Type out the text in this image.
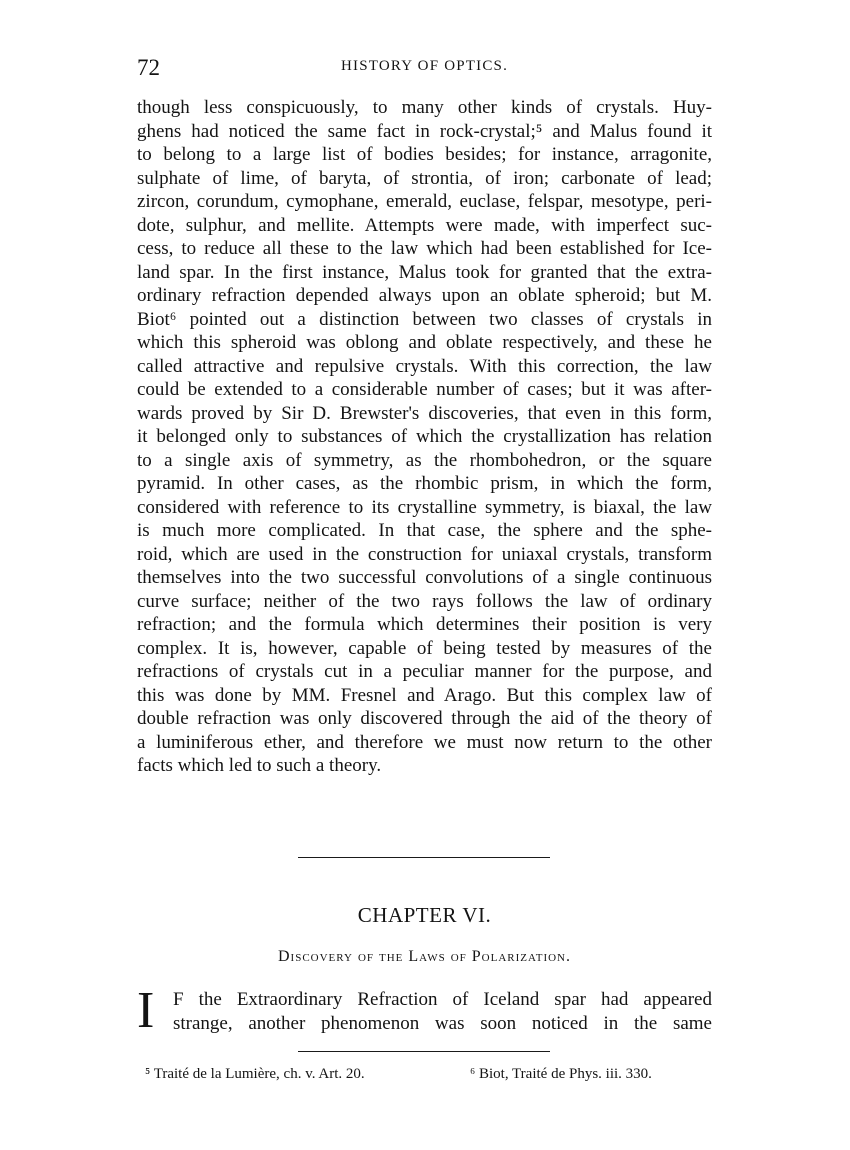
72	HISTORY OF OPTICS.
though less conspicuously, to many other kinds of crystals. Huy-
ghens had noticed the same fact in rock-crystal;⁵ and Malus found it
to belong to a large list of bodies besides; for instance, arragonite,
sulphate of lime, of baryta, of strontia, of iron; carbonate of lead;
zircon, corundum, cymophane, emerald, euclase, felspar, mesotype, peri-
dote, sulphur, and mellite. Attempts were made, with imperfect suc-
cess, to reduce all these to the law which had been established for Ice-
land spar. In the first instance, Malus took for granted that the extra-
ordinary refraction depended always upon an oblate spheroid; but M.
Biot⁶ pointed out a distinction between two classes of crystals in
which this spheroid was oblong and oblate respectively, and these he
called attractive and repulsive crystals. With this correction, the law
could be extended to a considerable number of cases; but it was after-
wards proved by Sir D. Brewster's discoveries, that even in this form,
it belonged only to substances of which the crystallization has relation
to a single axis of symmetry, as the rhombohedron, or the square
pyramid. In other cases, as the rhombic prism, in which the form,
considered with reference to its crystalline symmetry, is biaxal, the law
is much more complicated. In that case, the sphere and the sphe-
roid, which are used in the construction for uniaxal crystals, transform
themselves into the two successful convolutions of a single continuous
curve surface; neither of the two rays follows the law of ordinary
refraction; and the formula which determines their position is very
complex. It is, however, capable of being tested by measures of the
refractions of crystals cut in a peculiar manner for the purpose, and
this was done by MM. Fresnel and Arago. But this complex law of
double refraction was only discovered through the aid of the theory of
a luminiferous ether, and therefore we must now return to the other
facts which led to such a theory.
CHAPTER VI.
Discovery of the Laws of Polarization.
I F the Extraordinary Refraction of Iceland spar had appeared
strange, another phenomenon was soon noticed in the same
⁵ Traité de la Lumière, ch. v. Art. 20.	⁶ Biot, Traité de Phys. iii. 330.
